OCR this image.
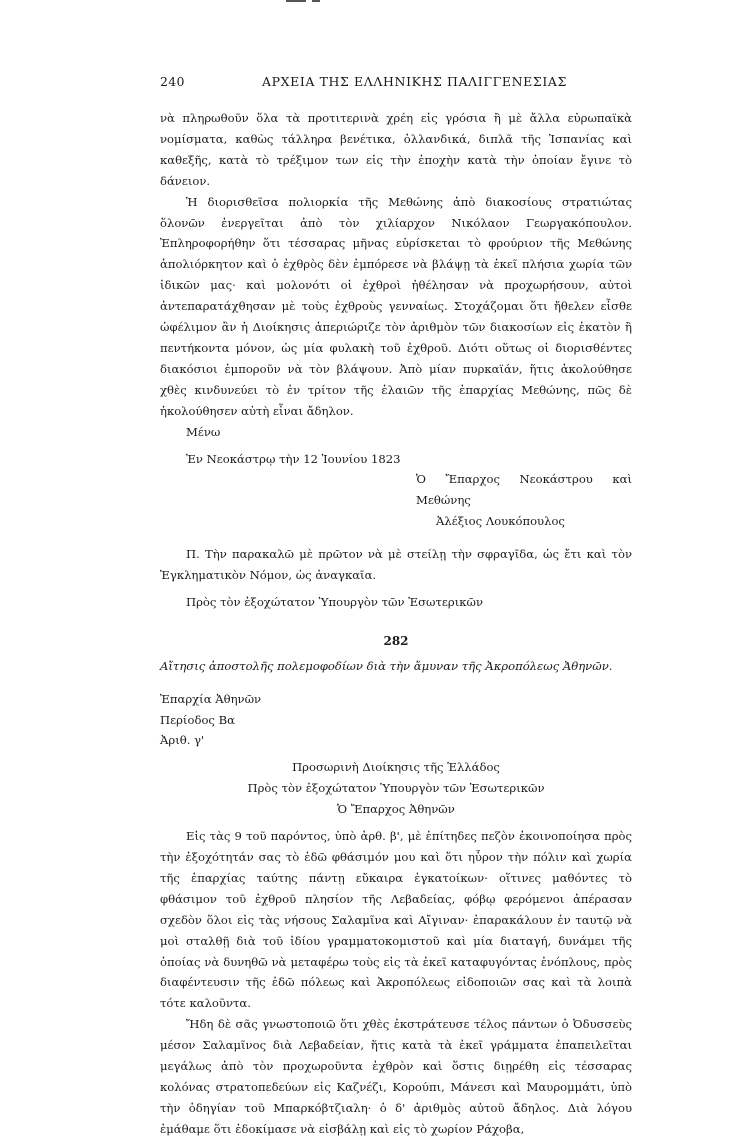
240	ΑΡΧΕΙΑ ΤΗΣ ΕΛΛΗΝΙΚΗΣ ΠΑΛΙΓΓΕΝΕΣΙΑΣ

νὰ πληρωθοῦν ὅλα τὰ προτιτερινὰ χρέη εἰς γρόσια ἢ μὲ ἄλλα εὐρωπαϊκὰ νομίσματα, καθὼς τάλληρα βενέτικα, ὀλλανδικά, διπλᾶ τῆς Ἱσπανίας καὶ καθεξῆς, κατὰ τὸ τρέξιμον των εἰς τὴν ἐποχὴν κατὰ τὴν ὁποίαν ἔγινε τὸ δάνειον.

Ἡ διορισθεῖσα πολιορκία τῆς Μεθώνης ἀπὸ διακοσίους στρατιώτας ὅλονῶν ἐνεργεῖται ἀπὸ τὸν χιλίαρχον Νικόλαον Γεωργακόπουλον. Ἐπληροφορήθην ὅτι τέσσαρας μῆνας εὑρίσκεται τὸ φρούριον τῆς Μεθώνης ἀπολιόρκητον καὶ ὁ ἐχθρὸς δὲν ἐμπόρεσε νὰ βλάψῃ τὰ ἐκεῖ πλήσια χωρία τῶν ἰδικῶν μας· καὶ μολονότι οἱ ἐχθροὶ ἠθέλησαν νὰ προχωρήσουν, αὐτοὶ ἀντεπαρατάχθησαν μὲ τοὺς ἐχθροὺς γενναίως. Στοχάζομαι ὅτι ἤθελεν εἶσθε ὠφέλιμον ἂν ἡ Διοίκησις ἀπεριώριζε τὸν ἀριθμὸν τῶν διακοσίων εἰς ἑκατὸν ἢ πεντήκοντα μόνον, ὡς μία φυλακὴ τοῦ ἐχθροῦ. Διότι οὕτως οἱ διορισθέντες διακόσιοι ἐμποροῦν νὰ τὸν βλάψουν. Ἀπὸ μίαν πυρκαϊάν, ἥτις ἀκολούθησε χθὲς κινδυνεύει τὸ ἐν τρίτον τῆς ἐλαιῶν τῆς ἐπαρχίας Μεθώνης, πῶς δὲ ἠκολούθησεν αὐτὴ εἶναι ἄδηλον.

Μένω

Ἐν Νεοκάστρῳ τὴν 12 Ἰουνίου 1823

Ὁ Ἔπαρχος Νεοκάστρου καὶ Μεθώνης

Ἀλέξιος Λουκόπουλος

Π. Τὴν παρακαλῶ μὲ πρῶτον νὰ μὲ στείλῃ τὴν σφραγῖδα, ὡς ἔτι καὶ τὸν Ἐγκληματικὸν Νόμον, ὡς ἀναγκαῖα.

Πρὸς τὸν ἐξοχώτατον Ὑπουργὸν τῶν Ἐσωτερικῶν

282

Αἴτησις ἀποστολῆς πολεμοφοδίων διὰ τὴν ἄμυναν τῆς Ἀκροπόλεως Ἀθηνῶν.

Ἐπαρχία Ἀθηνῶν

Περίοδος Βα

Ἀριθ. γ'

Προσωρινὴ Διοίκησις τῆς Ἑλλάδος

Πρὸς τὸν ἐξοχώτατον Ὑπουργὸν τῶν Ἐσωτερικῶν

Ὁ Ἔπαρχος Ἀθηνῶν

Εἰς τὰς 9 τοῦ παρόντος, ὑπὸ ἀρθ. β', μὲ ἐπίτηδες πεζὸν ἐκοινοποίησα πρὸς τὴν ἐξοχότητάν σας τὸ ἐδῶ φθάσιμόν μου καὶ ὅτι ηὗρον τὴν πόλιν καὶ χωρία τῆς ἐπαρχίας ταύτης πάντῃ εὔκαιρα ἐγκατοίκων· οἵτινες μαθόντες τὸ φθάσιμον τοῦ ἐχθροῦ πλησίον τῆς Λεβαδείας, φόβῳ φερόμενοι ἀπέρασαν σχεδὸν ὅλοι εἰς τὰς νήσους Σαλαμῖνα καὶ Αἴγιναν· ἐπαρακάλουν ἐν ταυτῷ νὰ μοὶ σταλθῇ διὰ τοῦ ἰδίου γραμματοκομιστοῦ καὶ μία διαταγή, δυνάμει τῆς ὁποίας νὰ δυνηθῶ νὰ μεταφέρω τοὺς εἰς τὰ ἐκεῖ καταφυγόντας ἐνόπλους, πρὸς διαφέντευσιν τῆς ἐδῶ πόλεως καὶ Ἀκροπόλεως εἰδοποιῶν σας καὶ τὰ λοιπὰ τότε καλοῦντα.

Ἤδη δὲ σᾶς γνωστοποιῶ ὅτι χθὲς ἐκστράτευσε τέλος πάντων ὁ Ὀδυσσεὺς μέσον Σαλαμῖνος διὰ Λεβαδείαν, ἥτις κατὰ τὰ ἐκεῖ γράμματα ἐπαπειλεῖται μεγάλως ἀπὸ τὸν προχωροῦντα ἐχθρὸν καὶ ὅστις διῃρέθη εἰς τέσσαρας κολόνας στρατοπεδεύων εἰς Καζνέζι, Κορούπι, Μάνεσι καὶ Μαυρομμάτι, ὑπὸ τὴν ὁδηγίαν τοῦ Μπαρκόβτζιαλη· ὁ δ' ἀριθμὸς αὐτοῦ ἄδηλος. Διὰ λόγου ἐμάθαμε ὅτι ἐδοκίμασε νὰ εἰσβάλῃ καὶ εἰς τὸ χωρίον Ράχοβα,
